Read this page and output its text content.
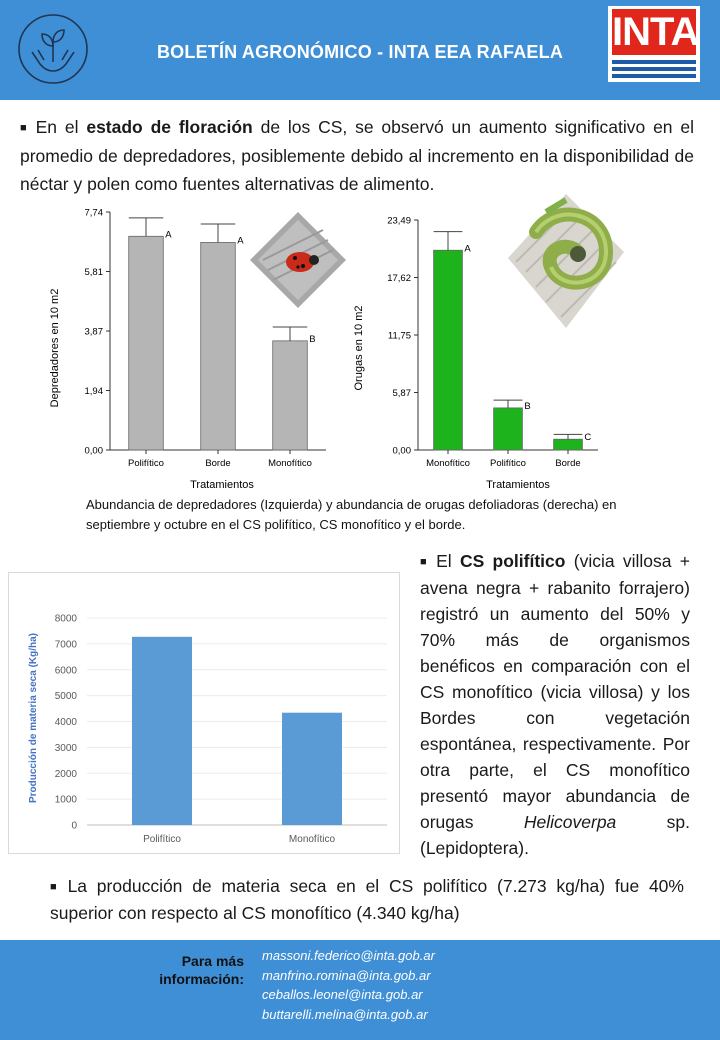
BOLETÍN AGRONÓMICO - INTA EEA RAFAELA	INTA
■ En el estado de floración de los CS, se observó un aumento significativo en el promedio de depredadores, posiblemente debido al incremento en la disponibilidad de néctar y polen como fuentes alternativas de alimento.
Depredadores en 10 m2
Tratamientos
0,00
1,94
3,87
5,81
7,74
A
Polifítico
A
Borde
B
Monofítico
Orugas en 10 m2
Tratamientos
0,00
5,87
11,75
17,62
23,49
A
Monofítico
B
Polifítico
C
Borde
Abundancia de depredadores (Izquierda) y abundancia de orugas defoliadoras (derecha) en septiembre y octubre en el CS polifítico, CS monofítico y el borde.
Producción de materia seca (Kg/ha)
0
1000
2000
3000
4000
5000
6000
7000
8000
Polifítico	Monofítico
■ El CS polifítico (vicia villosa + avena negra + rabanito forrajero) registró un aumento del 50% y 70% más de organismos benéficos en comparación con el CS monofítico (vicia villosa) y los Bordes con vegetación espontánea, respectivamente. Por otra parte, el CS monofítico presentó mayor abundancia de orugas Helicoverpa sp. (Lepidoptera).
■ La producción de materia seca en el CS polifítico (7.273 kg/ha) fue 40% superior con respecto al CS monofítico (4.340 kg/ha)
Para más información:
massoni.federico@inta.gob.ar
manfrino.romina@inta.gob.ar
ceballos.leonel@inta.gob.ar
buttarelli.melina@inta.gob.ar
